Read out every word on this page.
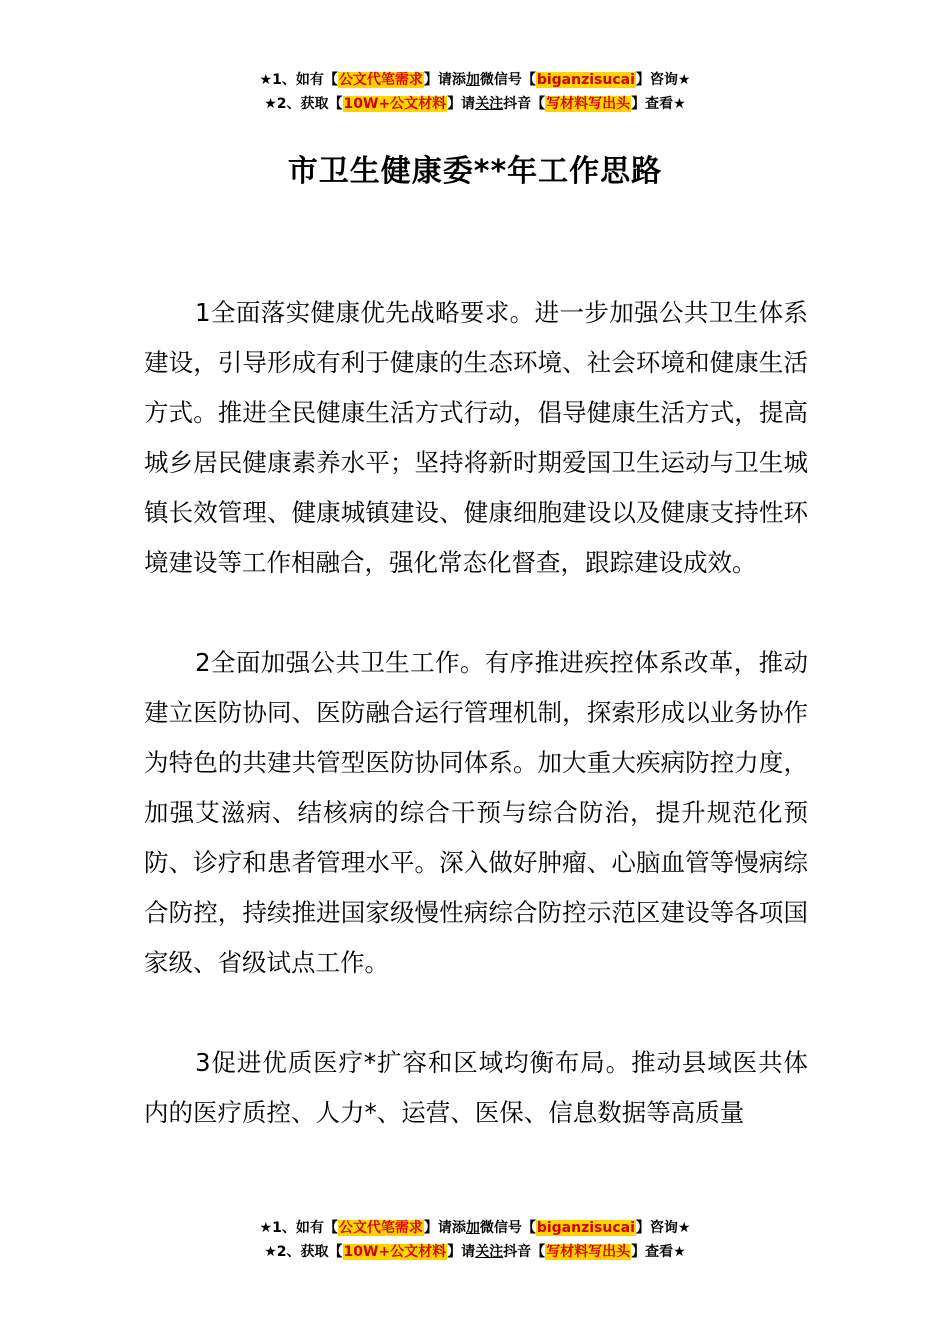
★1、如有【公文代笔需求】请添加微信号【biganzisucai】咨询★
★2、获取【10W+公文材料】请关注抖音【写材料写出头】查看★
市卫生健康委**年工作思路

1全面落实健康优先战略要求。进一步加强公共卫生体系建设，引导形成有利于健康的生态环境、社会环境和健康生活方式。推进全民健康生活方式行动，倡导健康生活方式，提高城乡居民健康素养水平；坚持将新时期爱国卫生运动与卫生城镇长效管理、健康城镇建设、健康细胞建设以及健康支持性环境建设等工作相融合，强化常态化督查，跟踪建设成效。

2全面加强公共卫生工作。有序推进疾控体系改革，推动建立医防协同、医防融合运行管理机制，探索形成以业务协作为特色的共建共管型医防协同体系。加大重大疾病防控力度，加强艾滋病、结核病的综合干预与综合防治，提升规范化预防、诊疗和患者管理水平。深入做好肿瘤、心脑血管等慢病综合防控，持续推进国家级慢性病综合防控示范区建设等各项国家级、省级试点工作。

3促进优质医疗*扩容和区域均衡布局。推动县域医共体内的医疗质控、人力*、运营、医保、信息数据等高质量

★1、如有【公文代笔需求】请添加微信号【biganzisucai】咨询★
★2、获取【10W+公文材料】请关注抖音【写材料写出头】查看★
